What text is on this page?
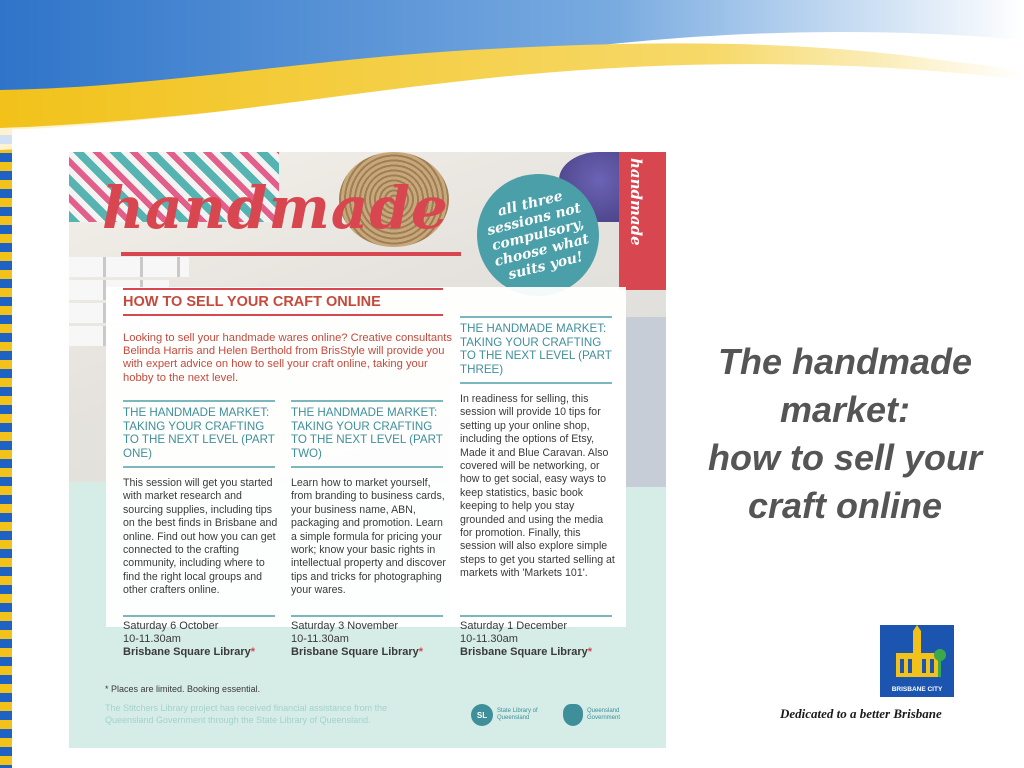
handmade	all three sessions not compulsory, choose what suits you!
handmade
HOW TO SELL YOUR CRAFT ONLINE
Looking to sell your handmade wares online? Creative consultants Belinda Harris and Helen Berthold from BrisStyle will provide you with expert advice on how to sell your craft online, taking your hobby to the next level.
THE HANDMADE MARKET: TAKING YOUR CRAFTING TO THE NEXT LEVEL (PART THREE)
In readiness for selling, this session will provide 10 tips for setting up your online shop, including the options of Etsy, Made it and Blue Caravan. Also covered will be networking, or how to get social, easy ways to keep statistics, basic book keeping to help you stay grounded and using the media for promotion. Finally, this session will also explore simple steps to get you started selling at markets with 'Markets 101'.
THE HANDMADE MARKET: TAKING YOUR CRAFTING TO THE NEXT LEVEL (PART ONE)
This session will get you started with market research and sourcing supplies, including tips on the best finds in Brisbane and online. Find out how you can get connected to the crafting community, including where to find the right local groups and other crafters online.
THE HANDMADE MARKET: TAKING YOUR CRAFTING TO THE NEXT LEVEL (PART TWO)
Learn how to market yourself, from branding to business cards, your business name, ABN, packaging and promotion. Learn a simple formula for pricing your work; know your basic rights in intellectual property and discover tips and tricks for photographing your wares.
Saturday 6 October
10-11.30am
Brisbane Square Library*
Saturday 3 November
10-11.30am
Brisbane Square Library*
Saturday 1 December
10-11.30am
Brisbane Square Library*
* Places are limited. Booking essential.
The Stitchers Library project has received financial assistance from the Queensland Government through the State Library of Queensland.	SL	State Library of Queensland
Queensland Government
The handmade
market:
how to sell your
craft online
BRISBANE CITY
Dedicated to a better Brisbane
